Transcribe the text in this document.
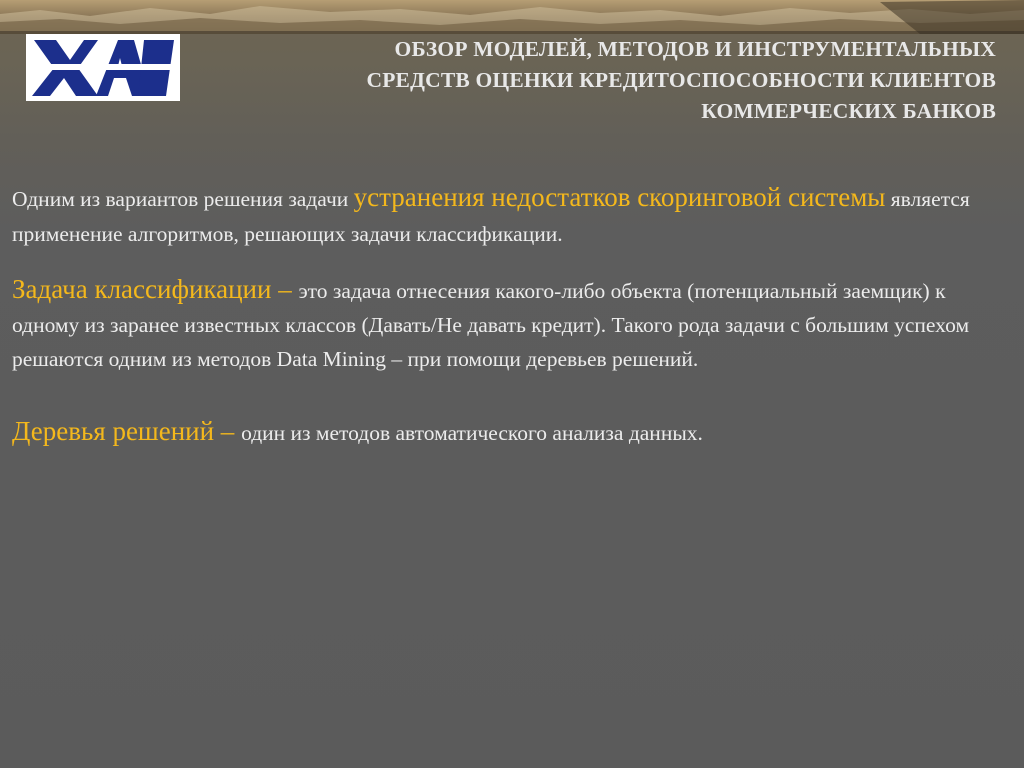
ОБЗОР МОДЕЛЕЙ, МЕТОДОВ И ИНСТРУМЕНТАЛЬНЫХ
СРЕДСТВ ОЦЕНКИ КРЕДИТОСПОСОБНОСТИ КЛИЕНТОВ
КОММЕРЧЕСКИХ БАНКОВ

Одним из вариантов решения задачи устранения недостатков скоринговой системы является применение алгоритмов, решающих задачи классификации.

Задача классификации – это задача отнесения какого-либо объекта (потенциальный заемщик) к одному из заранее известных классов (Давать/Не давать кредит). Такого рода задачи с большим успехом решаются одним из методов Data Mining – при помощи деревьев решений.

Деревья решений – один из методов автоматического анализа данных.
